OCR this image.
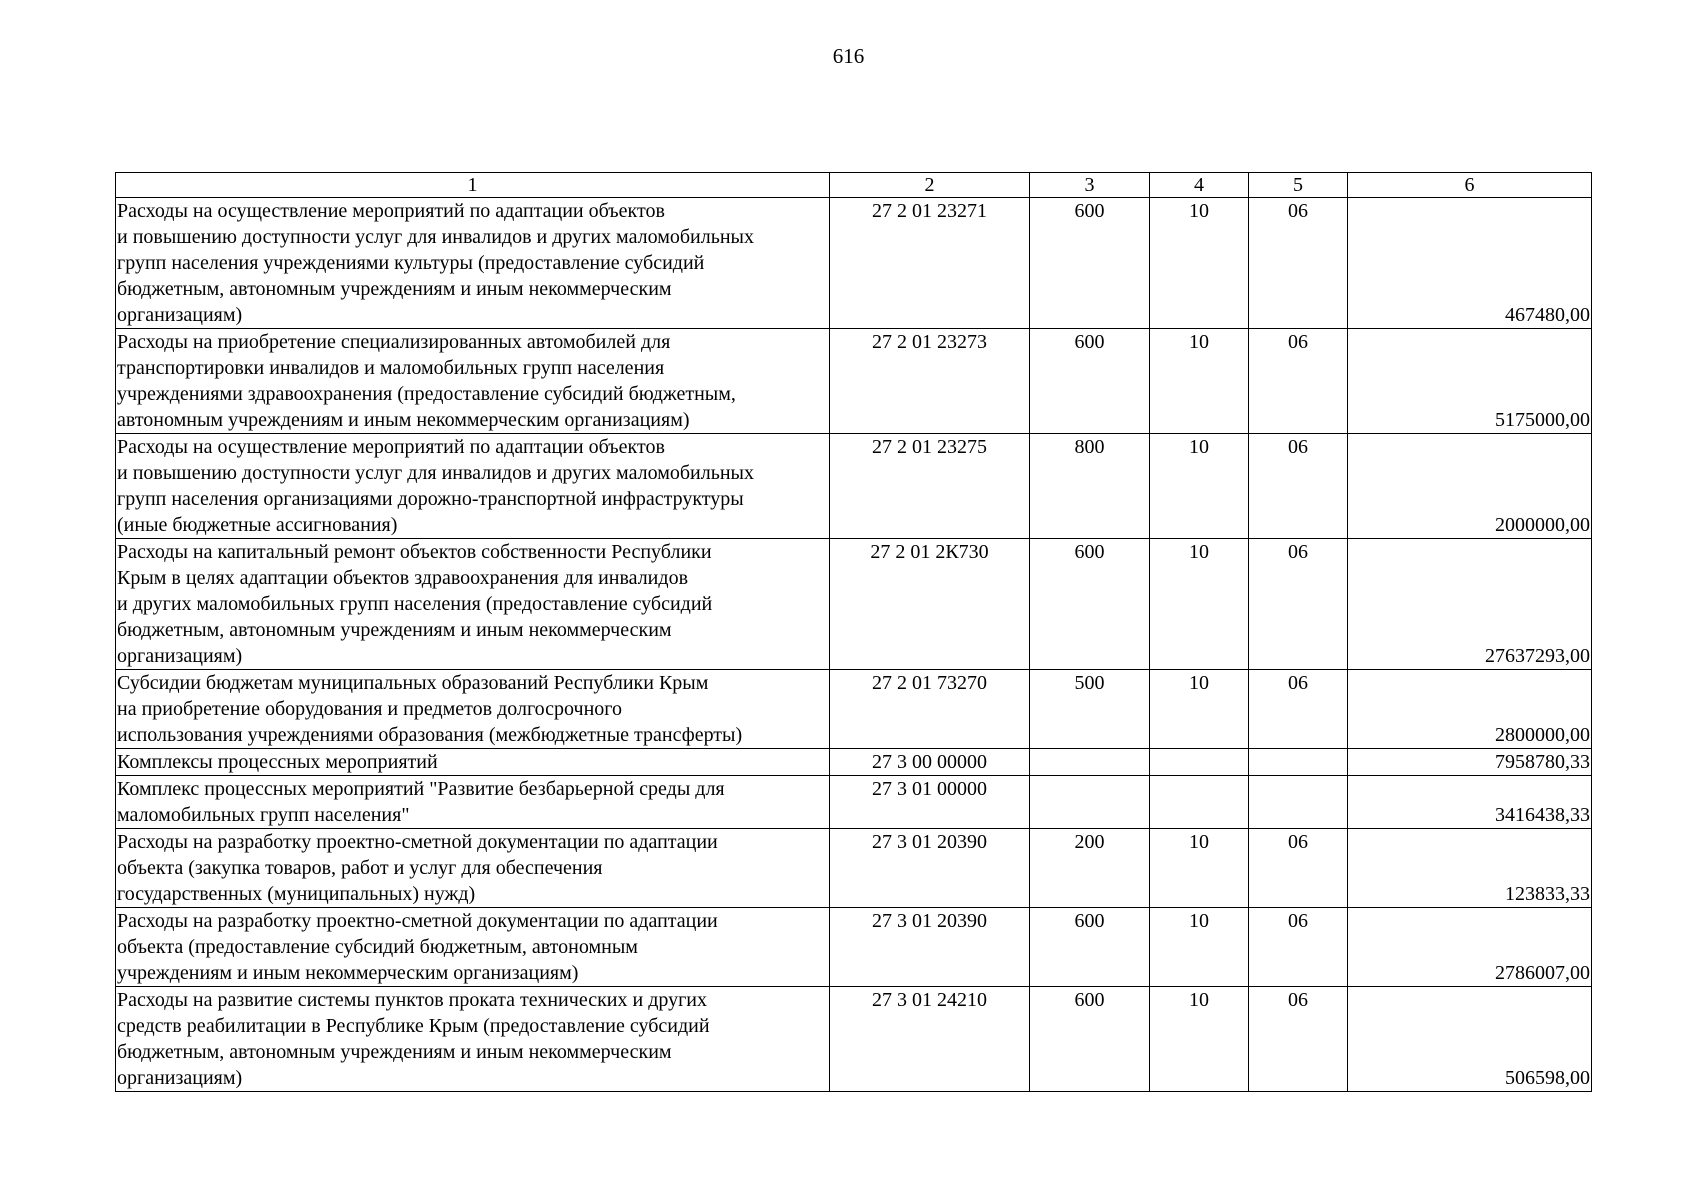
616
1	2	3	4	5	6
Расходы на осуществление мероприятий по адаптации объектов
и повышению доступности услуг для инвалидов и других маломобильных
групп населения учреждениями культуры (предоставление субсидий
бюджетным, автономным учреждениям и иным некоммерческим
организациям)	27 2 01 23271	600	10	06	467480,00
Расходы на приобретение специализированных автомобилей для
транспортировки инвалидов и маломобильных групп населения
учреждениями здравоохранения (предоставление субсидий бюджетным,
автономным учреждениям и иным некоммерческим организациям)	27 2 01 23273	600	10	06	5175000,00
Расходы на осуществление мероприятий по адаптации объектов
и повышению доступности услуг для инвалидов и других маломобильных
групп населения организациями дорожно-транспортной инфраструктуры
(иные бюджетные ассигнования)	27 2 01 23275	800	10	06	2000000,00
Расходы на капитальный ремонт объектов собственности Республики
Крым в целях адаптации объектов здравоохранения для инвалидов
и других маломобильных групп населения (предоставление субсидий
бюджетным, автономным учреждениям и иным некоммерческим
организациям)	27 2 01 2К730	600	10	06	27637293,00
Субсидии бюджетам муниципальных образований Республики Крым
на приобретение оборудования и предметов долгосрочного
использования учреждениями образования (межбюджетные трансферты)	27 2 01 73270	500	10	06	2800000,00
Комплексы процессных мероприятий	27 3 00 00000				7958780,33
Комплекс процессных мероприятий "Развитие безбарьерной среды для
маломобильных групп населения"	27 3 01 00000				3416438,33
Расходы на разработку проектно-сметной документации по адаптации
объекта (закупка товаров, работ и услуг для обеспечения
государственных (муниципальных) нужд)	27 3 01 20390	200	10	06	123833,33
Расходы на разработку проектно-сметной документации по адаптации
объекта (предоставление субсидий бюджетным, автономным
учреждениям и иным некоммерческим организациям)	27 3 01 20390	600	10	06	2786007,00
Расходы на развитие системы пунктов проката технических и других
средств реабилитации в Республике Крым (предоставление субсидий
бюджетным, автономным учреждениям и иным некоммерческим
организациям)	27 3 01 24210	600	10	06	506598,00
